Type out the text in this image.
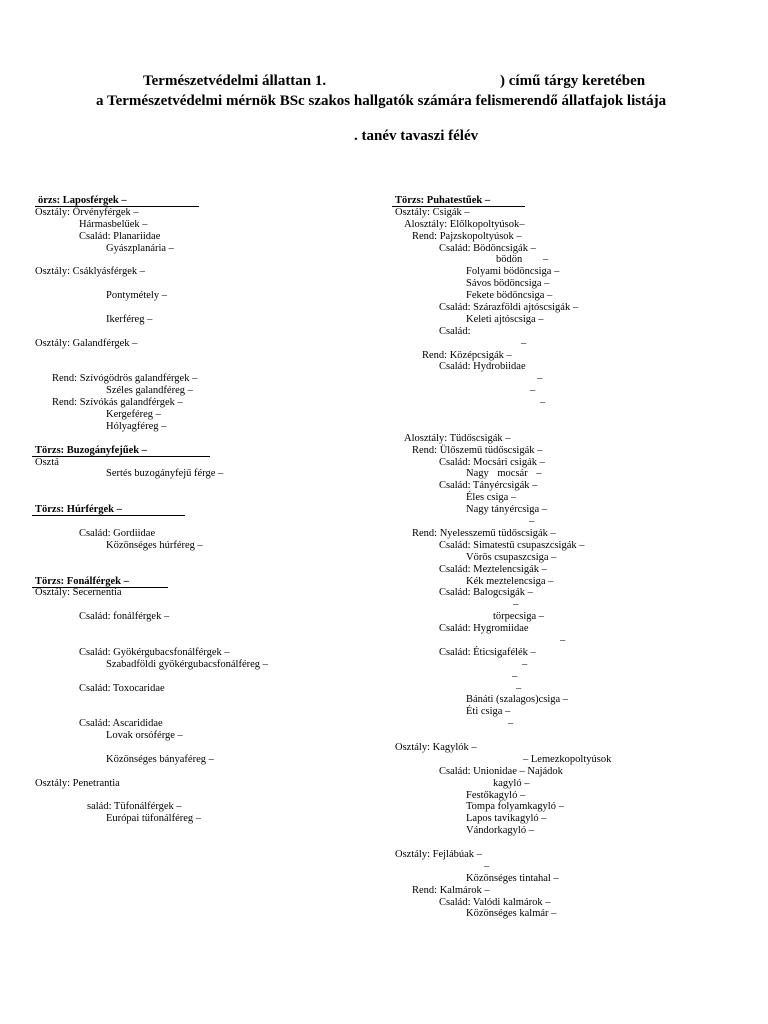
Természetvédelmi állattan 1.	) című tárgy keretében
a Természetvédelmi mérnök BSc szakos hallgatók számára felismerendő állatfajok listája
. tanév tavaszi félév
örzs: Laposférgek –
Osztály: Örvényférgek –
Hármasbelűek –
Család: Planariidae
Gyászplanária –
Osztály: Csáklyásférgek –
Pontymétely –
Ikerféreg –
Osztály: Galandférgek –
Rend: Szívógödrös galandférgek –
Széles galandféreg –
Rend: Szívókás galandférgek –
Kergeféreg –
Hólyagféreg –
Törzs: Buzogányfejűek –
Osztá
Sertés buzogányfejű férge –
Törzs: Húrférgek –
Család: Gordiidae
Közönséges húrféreg –
Törzs: Fonálférgek –
Osztály: Secernentia
Család: fonálférgek –
Család: Gyökérgubacsfonálférgek –
Szabadföldi gyökérgubacsfonálféreg –
Család: Toxocaridae
Család: Ascarididae
Lovak orsóférge –
Közönséges bányaféreg –
Osztály: Penetrantia
salád: Tüfonálférgek –
Európai tüfonálféreg –
Törzs: Puhatestűek –
Osztály: Csigák –
Alosztály: Előlkopoltyúsok–
Rend: Pajzskopoltyúsok –
Család: Bödöncsigák –
bödön –
Folyami bödöncsiga –
Sávos bödöncsiga –
Fekete bödöncsiga –
Család: Szárazföldi ajtóscsigák –
Keleti ajtóscsiga –
Család:
–
Rend: Középcsigák –
Család: Hydrobiidae
–
–
–
Alosztály: Tüdőscsigák –
Rend: Ülőszemű tüdőscsigák –
Család: Mocsári csigák –
Nagy mocsár –
Család: Tányércsigák –
Éles csiga –
Nagy tányércsiga –
–
Rend: Nyelesszemű tüdőscsigák –
Család: Simatestű csupaszcsigák –
Vörös csupaszcsiga –
Család: Meztelencsigák –
Kék meztelencsiga –
Család: Balogcsigák –
–
törpecsiga –
Család: Hygromiidae
–
Család: Éticsigafélék –
–
–
–
Bánáti (szalagos)csiga –
Éti csiga –
–
Osztály: Kagylók –
– Lemezkopoltyúsok
Család: Unionidae – Najádok
kagyló –
Festőkagyló –
Tompa folyamkagyló –
Lapos tavikagyló –
Vándorkagyló –
Osztály: Fejlábúak –
–
Közönséges tintahal –
Rend: Kalmárok –
Család: Valódi kalmárok –
Közönséges kalmár –
